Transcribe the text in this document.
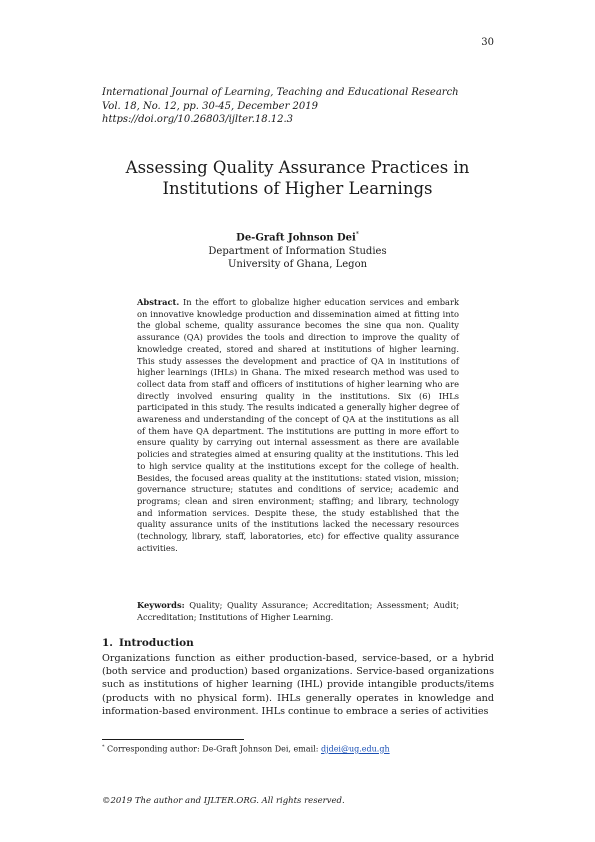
30
International Journal of Learning, Teaching and Educational Research
Vol. 18, No. 12, pp. 30-45, December 2019
https://doi.org/10.26803/ijlter.18.12.3
Assessing Quality Assurance Practices in
Institutions of Higher Learnings
De-Graft Johnson Dei*
Department of Information Studies
University of Ghana, Legon
Abstract. In the effort to globalize higher education services and embark on innovative knowledge production and dissemination aimed at fitting into the global scheme, quality assurance becomes the sine qua non. Quality assurance (QA) provides the tools and direction to improve the quality of knowledge created, stored and shared at institutions of higher learning. This study assesses the development and practice of QA in institutions of higher learnings (IHLs) in Ghana. The mixed research method was used to collect data from staff and officers of institutions of higher learning who are directly involved ensuring quality in the institutions. Six (6) IHLs participated in this study. The results indicated a generally higher degree of awareness and understanding of the concept of QA at the institutions as all of them have QA department. The institutions are putting in more effort to ensure quality by carrying out internal assessment as there are available policies and strategies aimed at ensuring quality at the institutions. This led to high service quality at the institutions except for the college of health. Besides, the focused areas quality at the institutions: stated vision, mission; governance structure; statutes and conditions of service; academic and programs; clean and siren environment; staffing; and library, technology and information services. Despite these, the study established that the quality assurance units of the institutions lacked the necessary resources (technology, library, staff, laboratories, etc) for effective quality assurance activities.
Keywords: Quality; Quality Assurance; Accreditation; Assessment; Audit; Accreditation; Institutions of Higher Learning.
1. Introduction
Organizations function as either production-based, service-based, or a hybrid (both service and production) based organizations. Service-based organizations such as institutions of higher learning (IHL) provide intangible products/items (products with no physical form). IHLs generally operates in knowledge and information-based environment. IHLs continue to embrace a series of activities
* Corresponding author: De-Graft Johnson Dei, email: djdei@ug.edu.gh
©2019 The author and IJLTER.ORG. All rights reserved.
